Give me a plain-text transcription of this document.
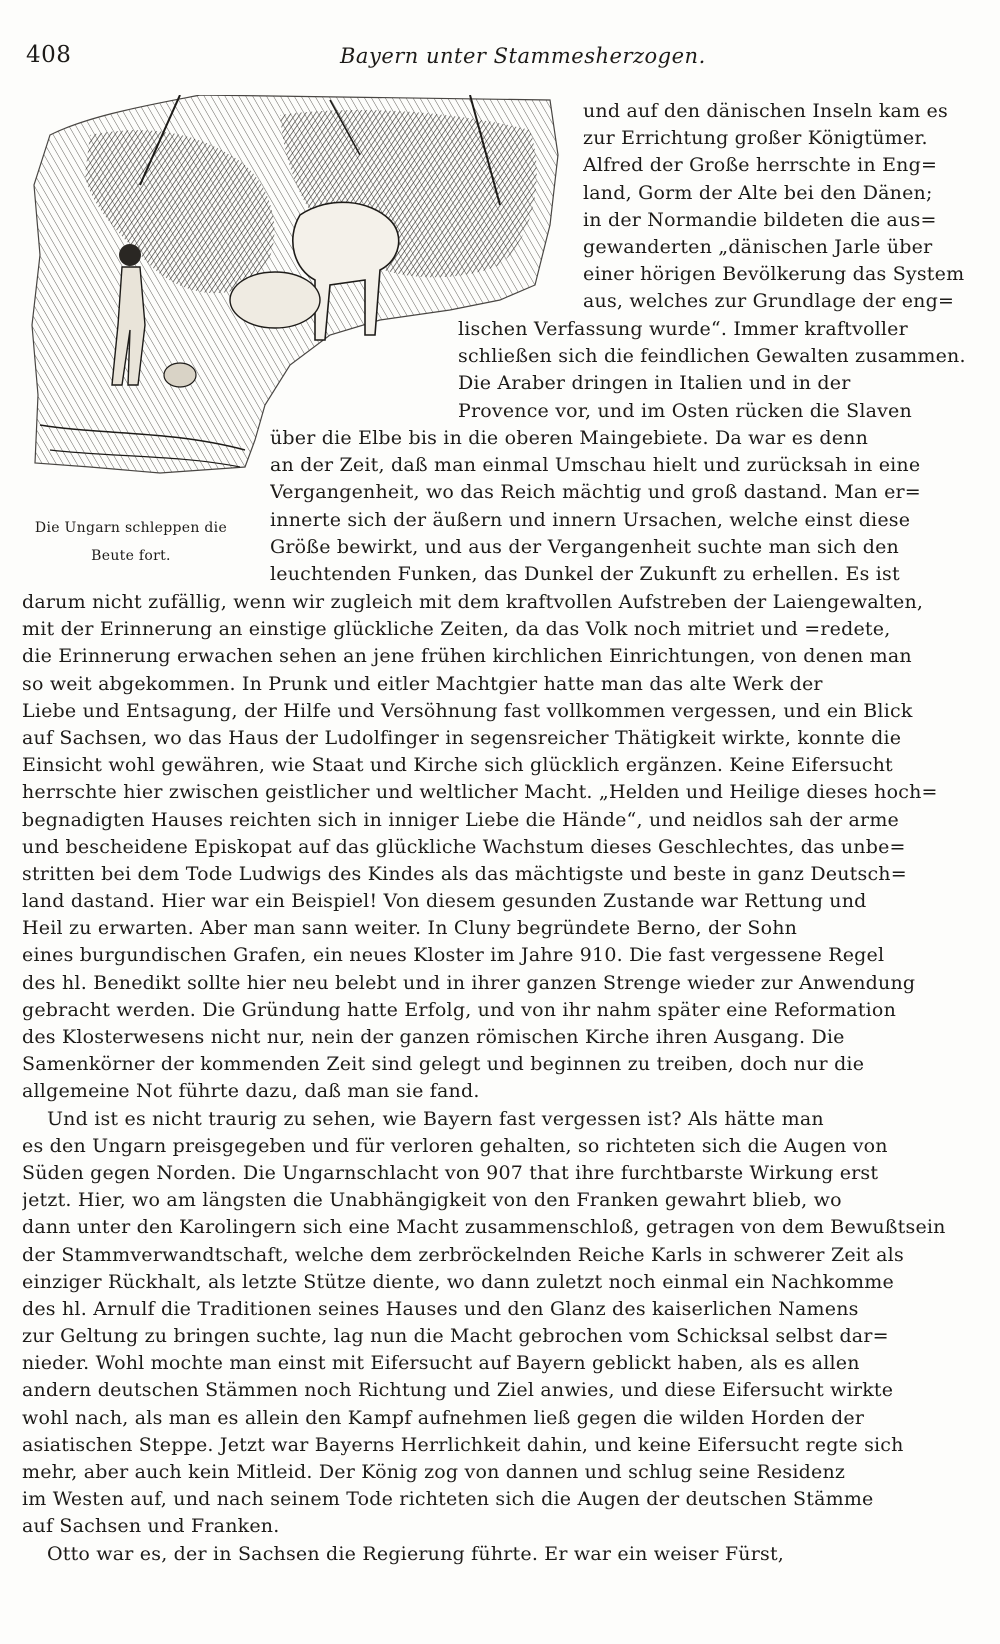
408	Bayern unter Stammesherzogen.
Die Ungarn schleppen die
Beute fort.
und auf den dänischen Inseln kam es
zur Errichtung großer Königtümer.
Alfred der Große herrschte in Eng=
land, Gorm der Alte bei den Dänen;
in der Normandie bildeten die aus=
gewanderten „dänischen Jarle über
einer hörigen Bevölkerung das System
aus, welches zur Grundlage der eng=
lischen Verfassung wurde“. Immer kraftvoller
schließen sich die feindlichen Gewalten zusammen.
Die Araber dringen in Italien und in der
Provence vor, und im Osten rücken die Slaven
über die Elbe bis in die oberen Maingebiete. Da war es denn
an der Zeit, daß man einmal Umschau hielt und zurücksah in eine
Vergangenheit, wo das Reich mächtig und groß dastand. Man er=
innerte sich der äußern und innern Ursachen, welche einst diese
Größe bewirkt, und aus der Vergangenheit suchte man sich den
leuchtenden Funken, das Dunkel der Zukunft zu erhellen. Es ist
darum nicht zufällig, wenn wir zugleich mit dem kraftvollen Aufstreben der Laiengewalten,
mit der Erinnerung an einstige glückliche Zeiten, da das Volk noch mitriet und =redete,
die Erinnerung erwachen sehen an jene frühen kirchlichen Einrichtungen, von denen man
so weit abgekommen. In Prunk und eitler Machtgier hatte man das alte Werk der
Liebe und Entsagung, der Hilfe und Versöhnung fast vollkommen vergessen, und ein Blick
auf Sachsen, wo das Haus der Ludolfinger in segensreicher Thätigkeit wirkte, konnte die
Einsicht wohl gewähren, wie Staat und Kirche sich glücklich ergänzen. Keine Eifersucht
herrschte hier zwischen geistlicher und weltlicher Macht. „Helden und Heilige dieses hoch=
begnadigten Hauses reichten sich in inniger Liebe die Hände“, und neidlos sah der arme
und bescheidene Episkopat auf das glückliche Wachstum dieses Geschlechtes, das unbe=
stritten bei dem Tode Ludwigs des Kindes als das mächtigste und beste in ganz Deutsch=
land dastand. Hier war ein Beispiel! Von diesem gesunden Zustande war Rettung und
Heil zu erwarten. Aber man sann weiter. In Cluny begründete Berno, der Sohn
eines burgundischen Grafen, ein neues Kloster im Jahre 910. Die fast vergessene Regel
des hl. Benedikt sollte hier neu belebt und in ihrer ganzen Strenge wieder zur Anwendung
gebracht werden. Die Gründung hatte Erfolg, und von ihr nahm später eine Reformation
des Klosterwesens nicht nur, nein der ganzen römischen Kirche ihren Ausgang. Die
Samenkörner der kommenden Zeit sind gelegt und beginnen zu treiben, doch nur die
allgemeine Not führte dazu, daß man sie fand.
Und ist es nicht traurig zu sehen, wie Bayern fast vergessen ist? Als hätte man
es den Ungarn preisgegeben und für verloren gehalten, so richteten sich die Augen von
Süden gegen Norden. Die Ungarnschlacht von 907 that ihre furchtbarste Wirkung erst
jetzt. Hier, wo am längsten die Unabhängigkeit von den Franken gewahrt blieb, wo
dann unter den Karolingern sich eine Macht zusammenschloß, getragen von dem Bewußtsein
der Stammverwandtschaft, welche dem zerbröckelnden Reiche Karls in schwerer Zeit als
einziger Rückhalt, als letzte Stütze diente, wo dann zuletzt noch einmal ein Nachkomme
des hl. Arnulf die Traditionen seines Hauses und den Glanz des kaiserlichen Namens
zur Geltung zu bringen suchte, lag nun die Macht gebrochen vom Schicksal selbst dar=
nieder. Wohl mochte man einst mit Eifersucht auf Bayern geblickt haben, als es allen
andern deutschen Stämmen noch Richtung und Ziel anwies, und diese Eifersucht wirkte
wohl nach, als man es allein den Kampf aufnehmen ließ gegen die wilden Horden der
asiatischen Steppe. Jetzt war Bayerns Herrlichkeit dahin, und keine Eifersucht regte sich
mehr, aber auch kein Mitleid. Der König zog von dannen und schlug seine Residenz
im Westen auf, und nach seinem Tode richteten sich die Augen der deutschen Stämme
auf Sachsen und Franken.
Otto war es, der in Sachsen die Regierung führte. Er war ein weiser Fürst,
